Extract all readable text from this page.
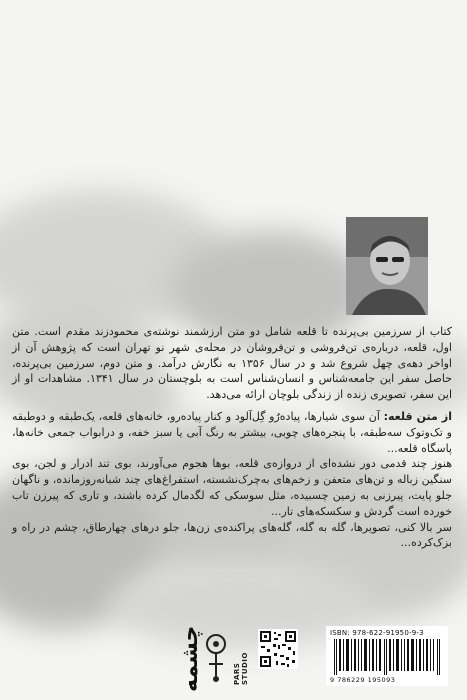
کتاب از سرزمین بی‌پرنده تا قلعه شامل دو متن ارزشمند نوشته‌ی محمودزند مقدم است. متن اول، قلعه، درباره‌ی تن‌فروشی و تن‌فروشان در محله‌ی شهر نو تهران است که پژوهش آن از اواخر دهه‌ی چهل شروع شد و در سال ۱۳۵۶ به نگارش درآمد. و متن دوم، سرزمین بی‌پرنده، حاصل سفر این جامعه‌شناس و انسان‌شناس است به بلوچستان در سال ۱۳۴۱. مشاهدات او از این سفر، تصویری زنده از زندگی بلوچان ارائه می‌دهد.

از متن قلعه: آن سوی شیارها، پیاده‌رُو گِل‌آلود و کنار پیاده‌رو، خانه‌های قلعه، یک‌طبقه و دوطبقه و تک‌وتوک سه‌طبقه، با پنجره‌های چوبی، بیشتر به رنگ آبی یا سبز خفه، و درابواب جمعی خانه‌ها، پاسگاه قلعه...

هنوز چند قدمی دور نشده‌ای از دروازه‌ی قلعه، بوها هجوم می‌آورند، بوی تند ادرار و لجن، بوی سنگین زباله و تن‌های متعفن و زخم‌های به‌چرک‌نشسته، استفراغ‌های چند شبانه‌روزمانده، و ناگهان جلو پایت، پیرزنی به زمین چسبیده، مثل سوسکی که لگدمال کرده باشند، و تاری که پیرزن تاب خورده است گردش و سکسکه‌های تار...

سر بالا کنی، تصویرها، گله به گله، گله‌های پراکنده‌ی زن‌ها، جلو درهای چهارطاق، چشم در راه و بزک‌کرده...

چشمه	PARS STUDIO
ISBN: 978-622-91950-9-3
9 786229 195093
